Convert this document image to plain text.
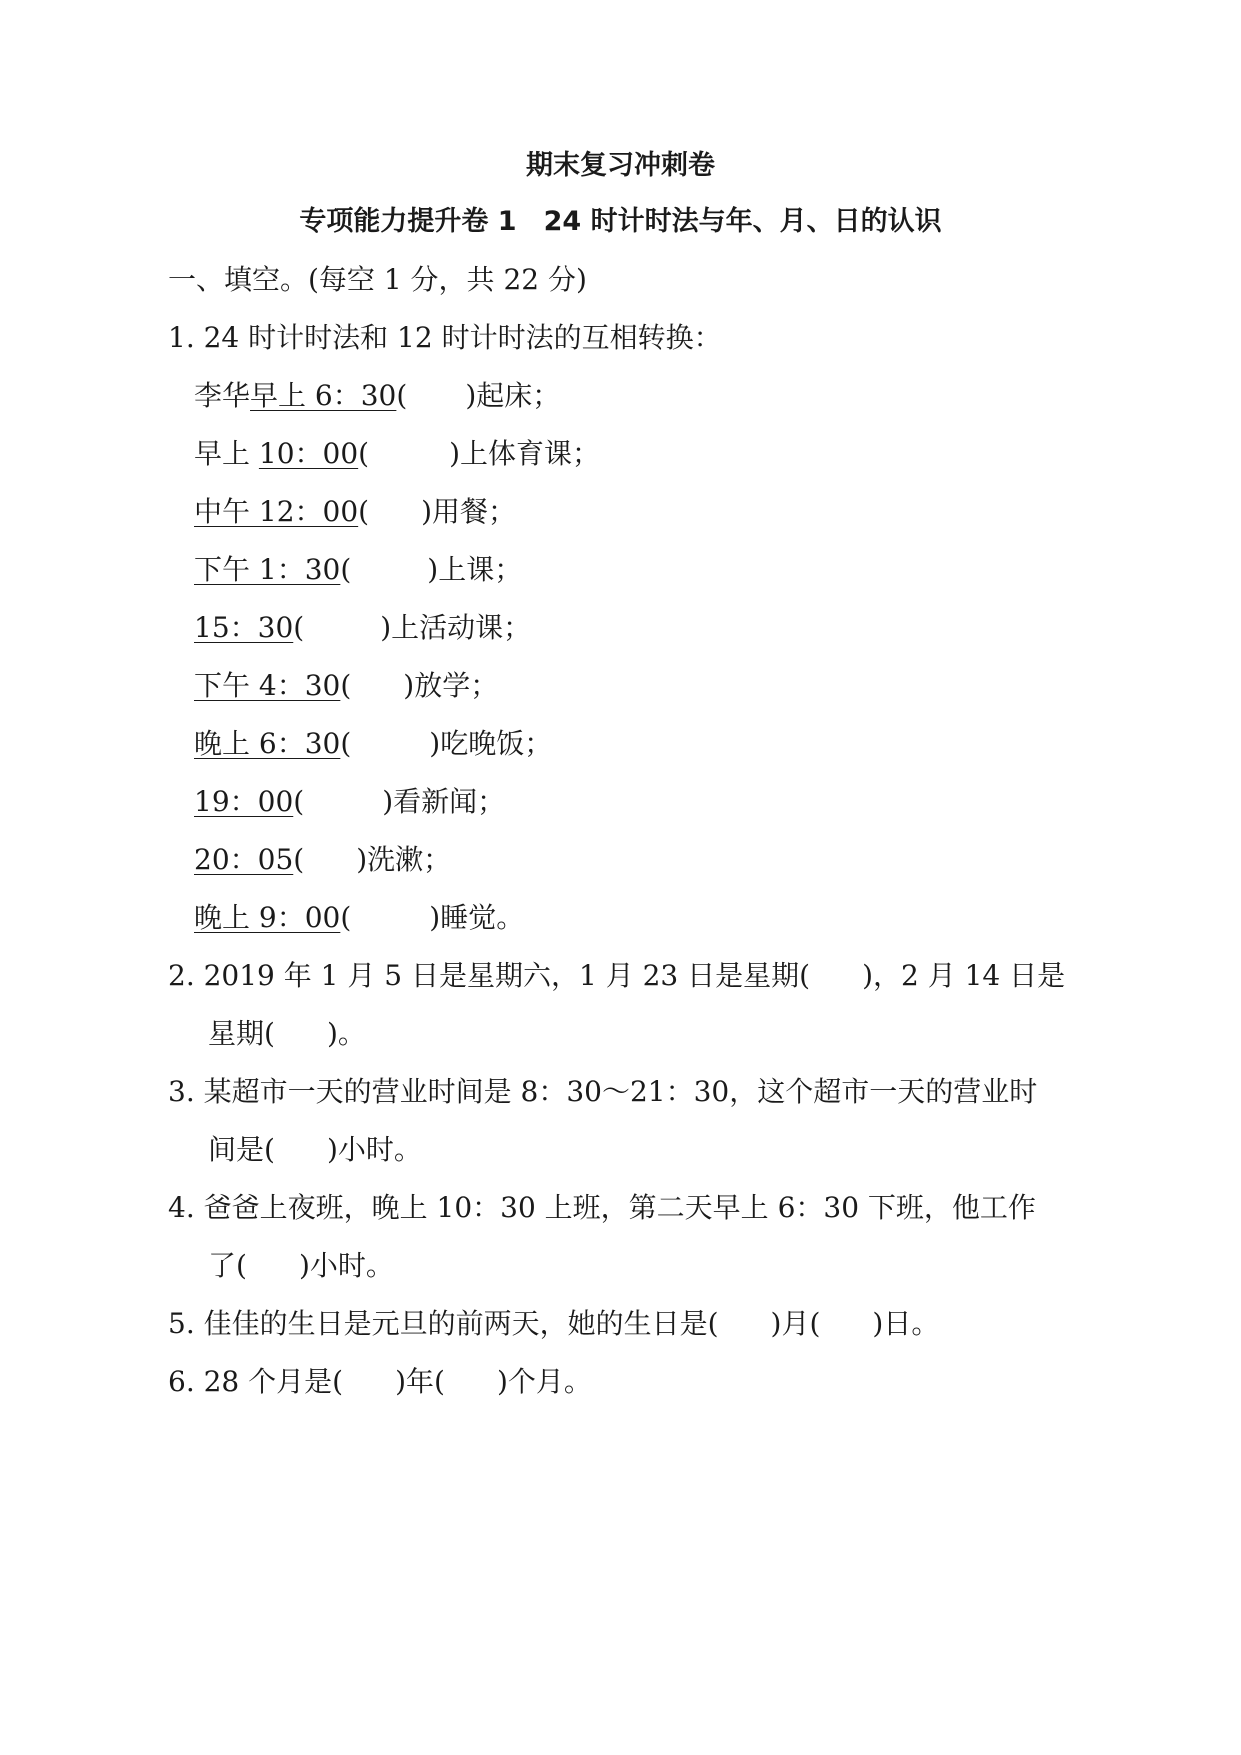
期末复习冲刺卷
专项能力提升卷 1　24 时计时法与年、月、日的认识
一、填空。(每空 1 分，共 22 分)
1. 24 时计时法和 12 时计时法的互相转换：
李华早上 6：30( )起床；
早上 10：00(	)上体育课；
中午 12：00( )用餐；
下午 1：30(	)上课；
15：30(	)上活动课；
下午 4：30( )放学；
晚上 6：30(	)吃晚饭；
19：00(	)看新闻；
20：05( )洗漱；
晚上 9：00(	)睡觉。
2. 2019 年 1 月 5 日是星期六，1 月 23 日是星期( )，2 月 14 日是
星期( )。
3. 某超市一天的营业时间是 8：30～21：30，这个超市一天的营业时
间是( )小时。
4. 爸爸上夜班，晚上 10：30 上班，第二天早上 6：30 下班，他工作
了( )小时。
5. 佳佳的生日是元旦的前两天，她的生日是( )月( )日。
6. 28 个月是( )年( )个月。
